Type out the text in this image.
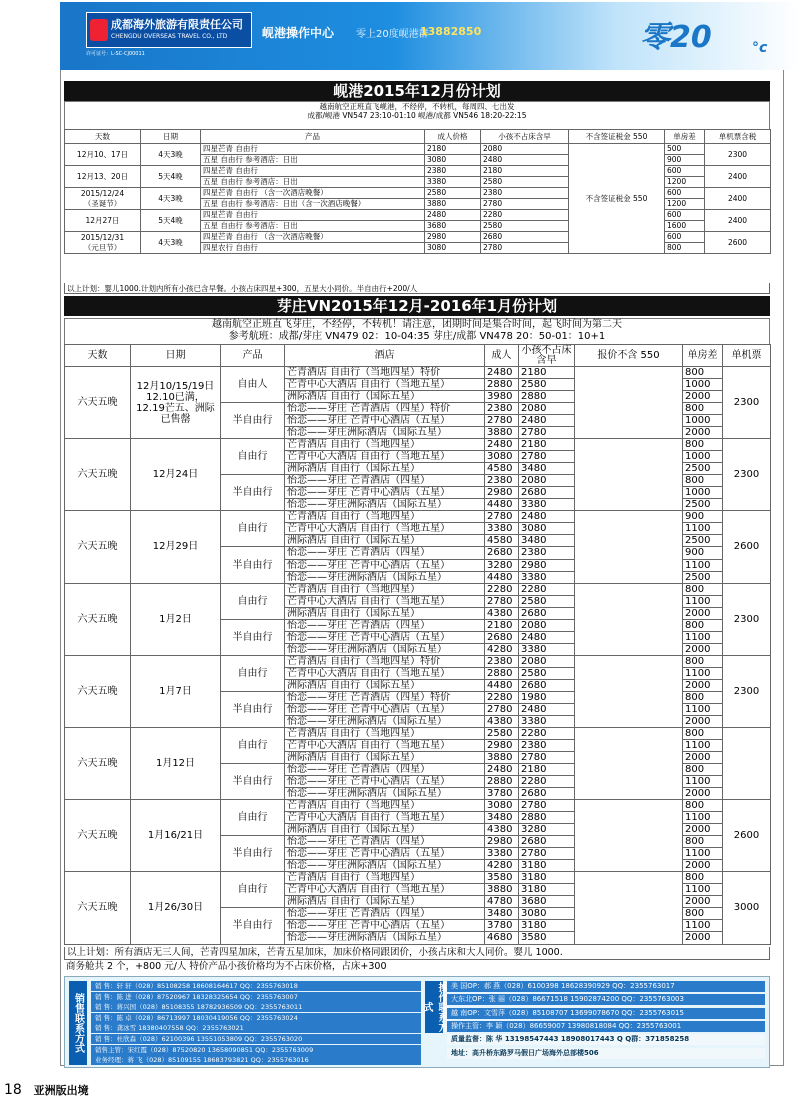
成都海外旅游有限责任公司
CHENGDU OVERSEAS TRAVEL CO., LTD
许可证号：L-SC-CJ00011
岘港操作中心 零上20度岘港群
13882850	零20	°c
岘港2015年12月份计划
越南航空正班直飞岘港，不经停，不转机，每周四、七出发
成都/岘港 VN547 23:10-01:10 岘港/成都 VN546 18:20-22:15
天数	日期	产品	成人价格	小孩不占床含早	不含签证税金 550	单房差	单机票含税
12月10、17日	4天3晚	四星芒青 自由行	2180	2080	不含签证税金 550	500	2300
		五星 自由行 参考酒店：日出	3080	2480		900	
12月13、20日	5天4晚	四星芒青 自由行	2380	2180		600	2400
		五星 自由行 参考酒店：日出	3380	2580		1200	
2015/12/24
（圣诞节）	4天3晚	四星芒青 自由行 （含一次酒店晚餐）	2580	2380		600	2400
		五星 自由行 参考酒店：日出（含一次酒店晚餐）	3880	2780		1200	
12月27日	5天4晚	四星芒青 自由行	2480	2280		600	2400
		五星 自由行 参考酒店：日出	3680	2580		1600	
2015/12/31
（元旦节）	4天3晚	四星芒青 自由行 （含一次酒店晚餐）	2980	2680		600	2600
		四星农行 自由行	3080	2780		800	
以上计划：婴儿1000.计划内所有小孩已含早餐。小孩占床四星+300，五星大小同价。半自由行+200/人
芽庄VN2015年12月-2016年1月份计划
越南航空正班直飞芽庄，不经停，不转机！请注意，团期时间是集合时间，起飞时间为第二天
参考航班：成都/芽庄 VN479 02：10-04:35 芽庄/成都 VN478 20：50-01：10+1
天数	日期	产品	酒店	成人	小孩不占床含早	报价不含 550	单房差	单机票
六天五晚	12月10/15/19日
12.10已满，
12.19芒五、洲际已售罄	自由人	芒青酒店 自由行（当地四星）特价	2480	2180		800	2300
			芒青中心大酒店 自由行（当地五星）	2880	2580		1000	
			洲际酒店 自由行（国际五星）	3980	2880		2000	
		半自由行	怡恋——芽庄 芒青酒店（四星）特价	2380	2080		800	
			怡恋——芽庄 芒青中心酒店（五星）	2780	2480		1000	
			怡恋——芽庄洲际酒店（国际五星）	3880	2780		2000	
六天五晚	12月24日	自由行	芒青酒店 自由行（当地四星）	2480	2180		800	2300
			芒青中心大酒店 自由行（当地五星）	3080	2780		1000	
			洲际酒店 自由行（国际五星）	4580	3480		2500	
		半自由行	怡恋——芽庄 芒青酒店（四星）	2380	2080		800	
			怡恋——芽庄 芒青中心酒店（五星）	2980	2680		1000	
			怡恋——芽庄洲际酒店（国际五星）	4480	3380		2500	
六天五晚	12月29日	自由行	芒青酒店 自由行（当地四星）	2780	2480		900	2600
			芒青中心大酒店 自由行（当地五星）	3380	3080		1100	
			洲际酒店 自由行（国际五星）	4580	3480		2500	
		半自由行	怡恋——芽庄 芒青酒店（四星）	2680	2380		900	
			怡恋——芽庄 芒青中心酒店（五星）	3280	2980		1100	
			怡恋——芽庄洲际酒店（国际五星）	4480	3380		2500	
六天五晚	1月2日	自由行	芒青酒店 自由行（当地四星）	2280	2280		800	2300
			芒青中心大酒店 自由行（当地五星）	2780	2580		1100	
			洲际酒店 自由行（国际五星）	4380	2680		2000	
		半自由行	怡恋——芽庄 芒青酒店（四星）	2180	2080		800	
			怡恋——芽庄 芒青中心酒店（五星）	2680	2480		1100	
			怡恋——芽庄洲际酒店（国际五星）	4280	3380		2000	
六天五晚	1月7日	自由行	芒青酒店 自由行（当地四星）特价	2380	2080		800	2300
			芒青中心大酒店 自由行（当地五星）	2880	2580		1100	
			洲际酒店 自由行（国际五星）	4480	2680		2000	
		半自由行	怡恋——芽庄 芒青酒店（四星）特价	2280	1980		800	
			怡恋——芽庄 芒青中心酒店（五星）	2780	2480		1100	
			怡恋——芽庄洲际酒店（国际五星）	4380	3380		2000	
六天五晚	1月12日	自由行	芒青酒店 自由行（当地四星）	2580	2280		800	
			芒青中心大酒店 自由行（当地五星）	2980	2380		1100	
			洲际酒店 自由行（国际五星）	3880	2780		2000	
		半自由行	怡恋——芽庄 芒青酒店（四星）	2480	2180		800	
			怡恋——芽庄 芒青中心酒店（五星）	2880	2280		1100	
			怡恋——芽庄洲际酒店（国际五星）	3780	2680		2000	
六天五晚	1月16/21日	自由行	芒青酒店 自由行（当地四星）	3080	2780		800	2600
			芒青中心大酒店 自由行（当地五星）	3480	2880		1100	
			洲际酒店 自由行（国际五星）	4380	3280		2000	
		半自由行	怡恋——芽庄 芒青酒店（四星）	2980	2680		800	
			怡恋——芽庄 芒青中心酒店（五星）	3380	2780		1100	
			怡恋——芽庄洲际酒店（国际五星）	4280	3180		2000	
六天五晚	1月26/30日	自由行	芒青酒店 自由行（当地四星）	3580	3180		800	3000
			芒青中心大酒店 自由行（当地五星）	3880	3180		1100	
			洲际酒店 自由行（国际五星）	4780	3680		2000	
		半自由行	怡恋——芽庄 芒青酒店（四星）	3480	3080		800	
			怡恋——芽庄 芒青中心酒店（五星）	3780	3180		1100	
			怡恋——芽庄洲际酒店（国际五星）	4680	3580		2000	
以上计划：所有酒店无三人间，芒青四星加床，芒青五星加床，加床价格同跟团价，小孩占床和大人同价。婴儿 1000.
商务舱共 2 个，+800 元/人 特价产品小孩价格均为不占床价格，占床+300
销售联系方式	操作联系方式
销 售：轩 轩（028）85108258 18608164617 QQ：2355763018
销 售：陈 进（028）87520967 18328325654 QQ：2355763007
销 售：蒋兴国（028）85108355 18782936509 QQ：2355763011
销 售：陈 卓（028）86713997 18030419056 QQ：2355763024
销 售：龚冰雪 18380407558 QQ：2355763021
销 售：杜欣森（028）62100396 13551053809 QQ：2355763020
销售主管：宋红霞（028）87520820 13658090851 QQ：2355763009
业务经理：蒋 飞（028）85109155 18683793821 QQ：2355763016
美 国OP：郝 燕（028）6100398 18628390929 QQ：2355763017
大东北OP：张 丽（028）86671518 15902874200 QQ：2355763003
越 南OP：文雪萍（028）85108707 13699078670 QQ：2355763015
操作主管：李 颖（028）86659007 13980818084 QQ：2355763001
质量监督：陈 华 13198547443 18908017443 Q Q群：371858258
地址：高升桥东路罗马假日广场海外总部楼506
18 亚洲版出境
